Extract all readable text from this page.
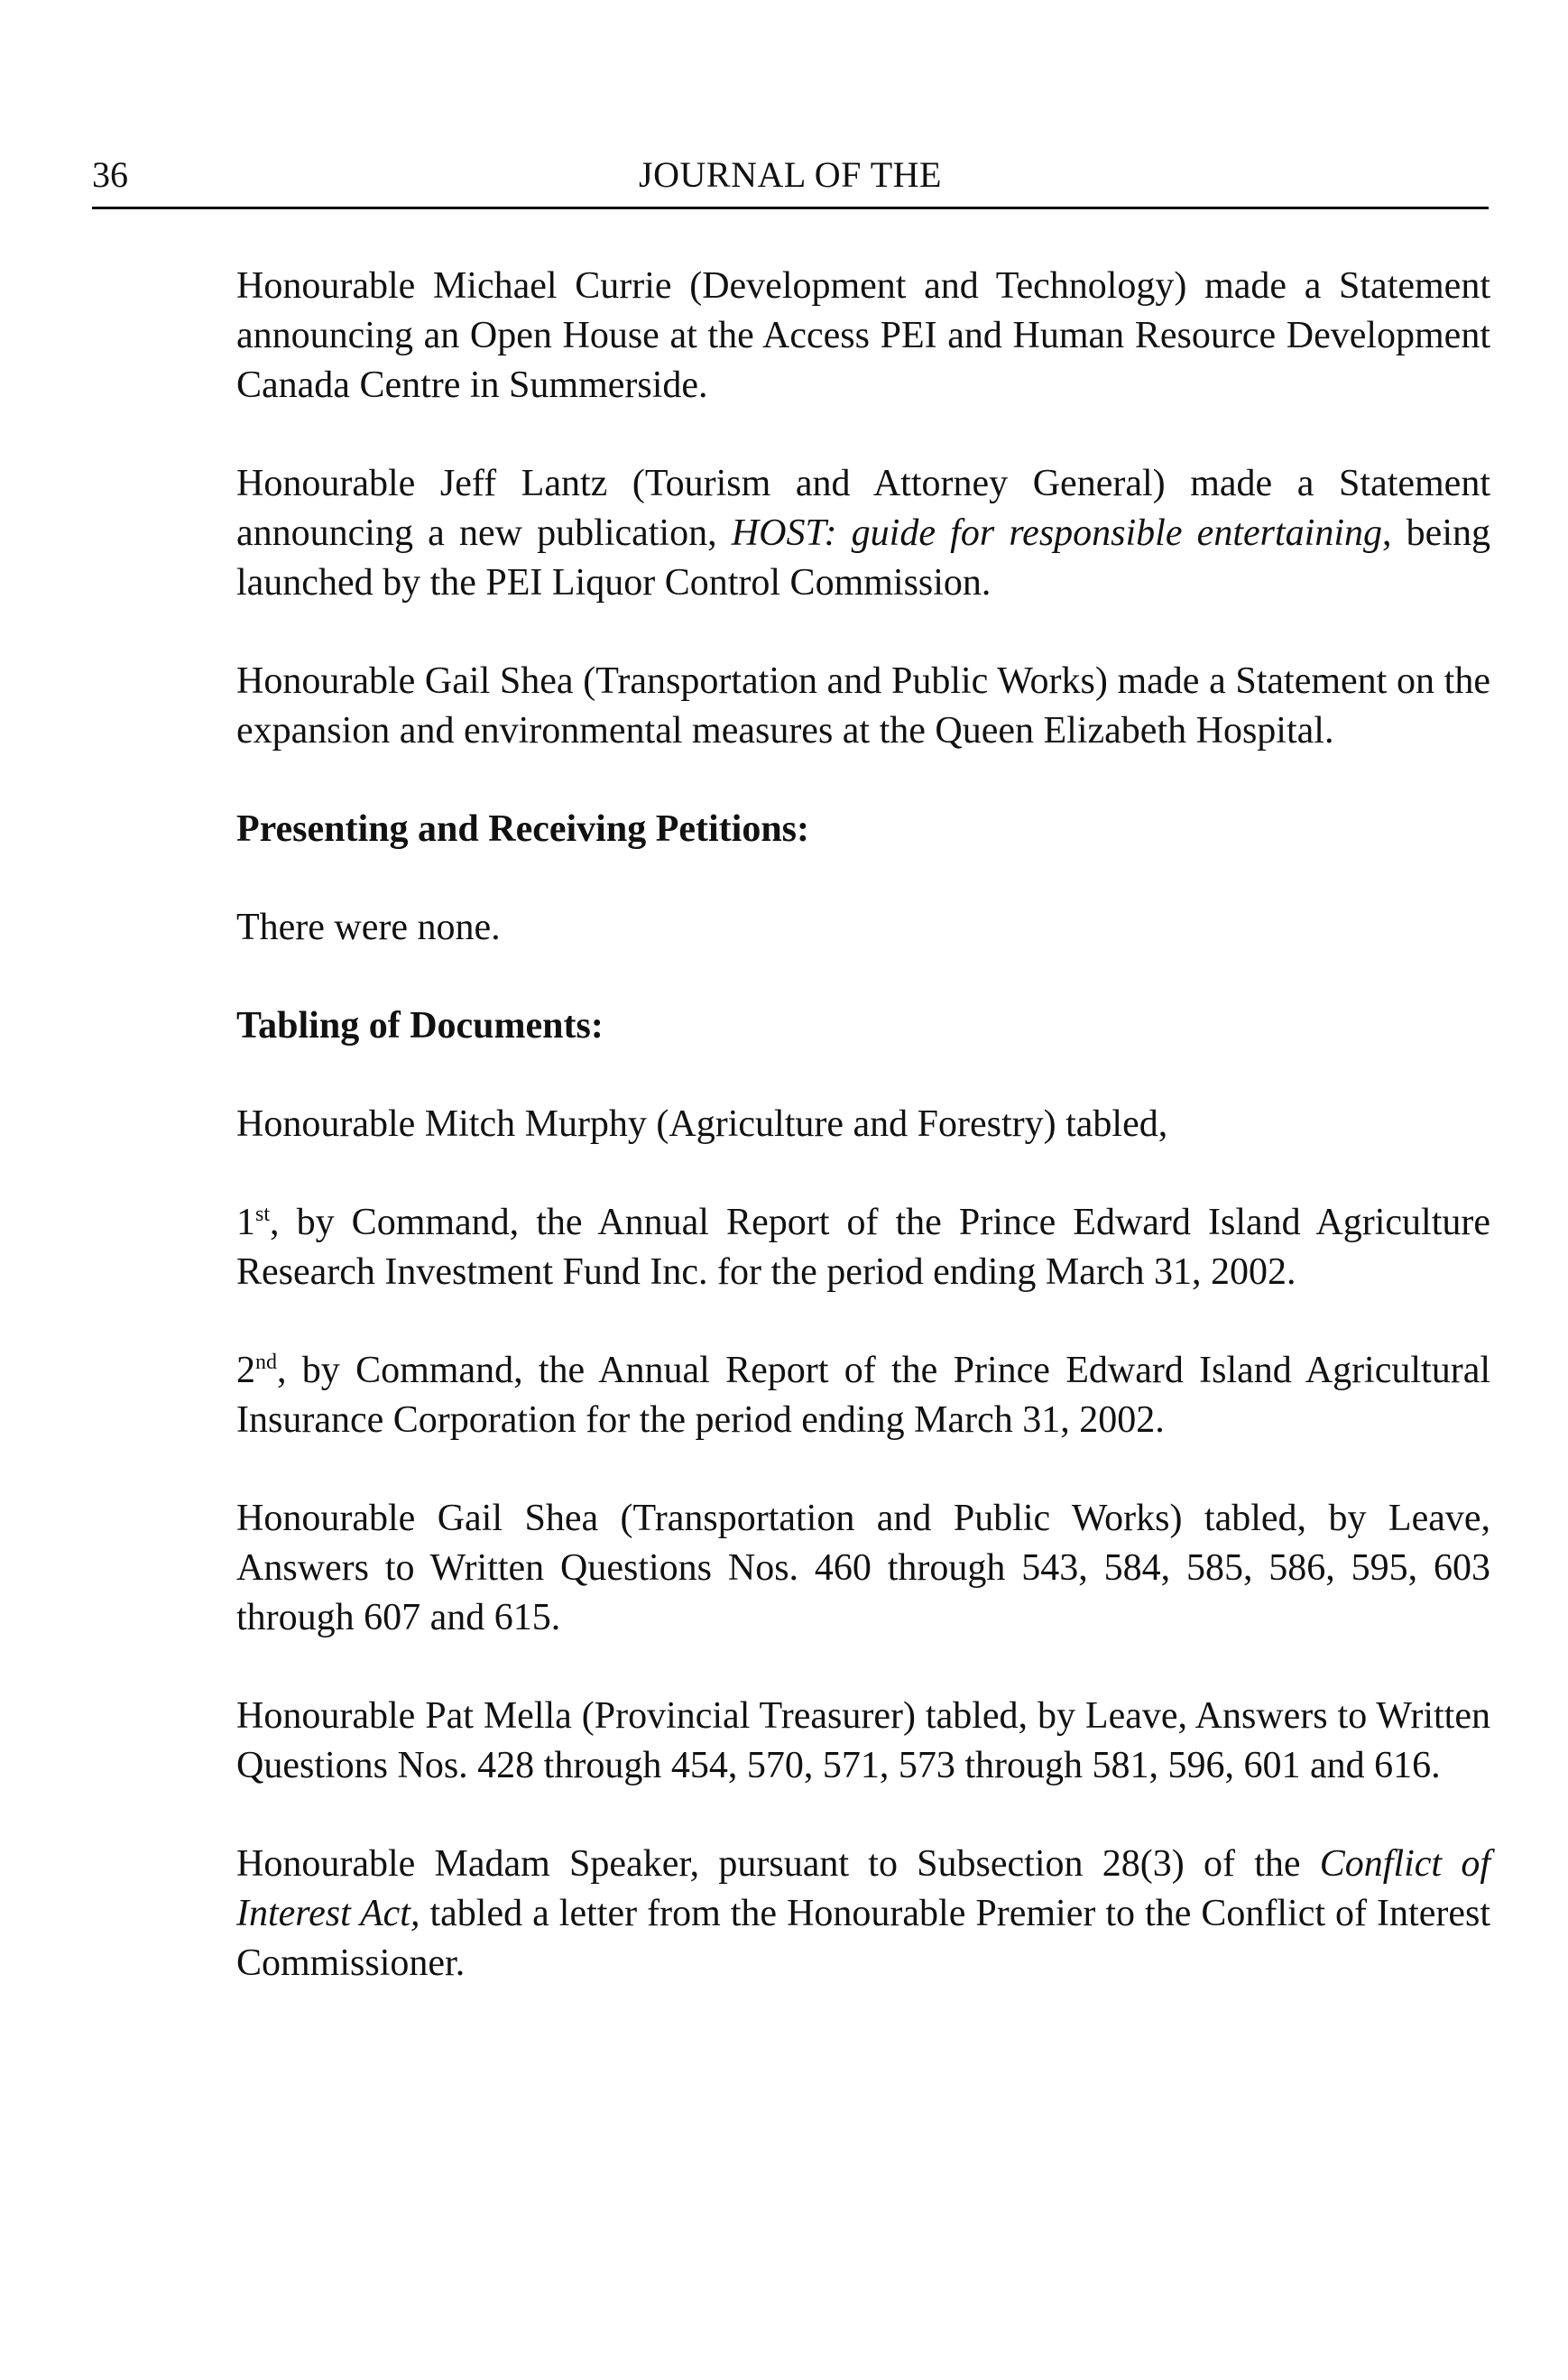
36	JOURNAL OF THE

Honourable Michael Currie (Development and Technology) made a Statement announcing an Open House at the Access PEI and Human Resource Development Canada Centre in Summerside.

Honourable Jeff Lantz (Tourism and Attorney General) made a Statement announcing a new publication, HOST: guide for responsible entertaining, being launched by the PEI Liquor Control Commission.

Honourable Gail Shea (Transportation and Public Works) made a Statement on the expansion and environmental measures at the Queen Elizabeth Hospital.

Presenting and Receiving Petitions:

There were none.

Tabling of Documents:

Honourable Mitch Murphy (Agriculture and Forestry) tabled,

1st, by Command, the Annual Report of the Prince Edward Island Agriculture Research Investment Fund Inc. for the period ending March 31, 2002.

2nd, by Command, the Annual Report of the Prince Edward Island Agricultural Insurance Corporation for the period ending March 31, 2002.

Honourable Gail Shea (Transportation and Public Works) tabled, by Leave, Answers to Written Questions Nos. 460 through 543, 584, 585, 586, 595, 603 through 607 and 615.

Honourable Pat Mella (Provincial Treasurer) tabled, by Leave, Answers to Written Questions Nos. 428 through 454, 570, 571, 573 through 581, 596, 601 and 616.

Honourable Madam Speaker, pursuant to Subsection 28(3) of the Conflict of Interest Act, tabled a letter from the Honourable Premier to the Conflict of Interest Commissioner.
